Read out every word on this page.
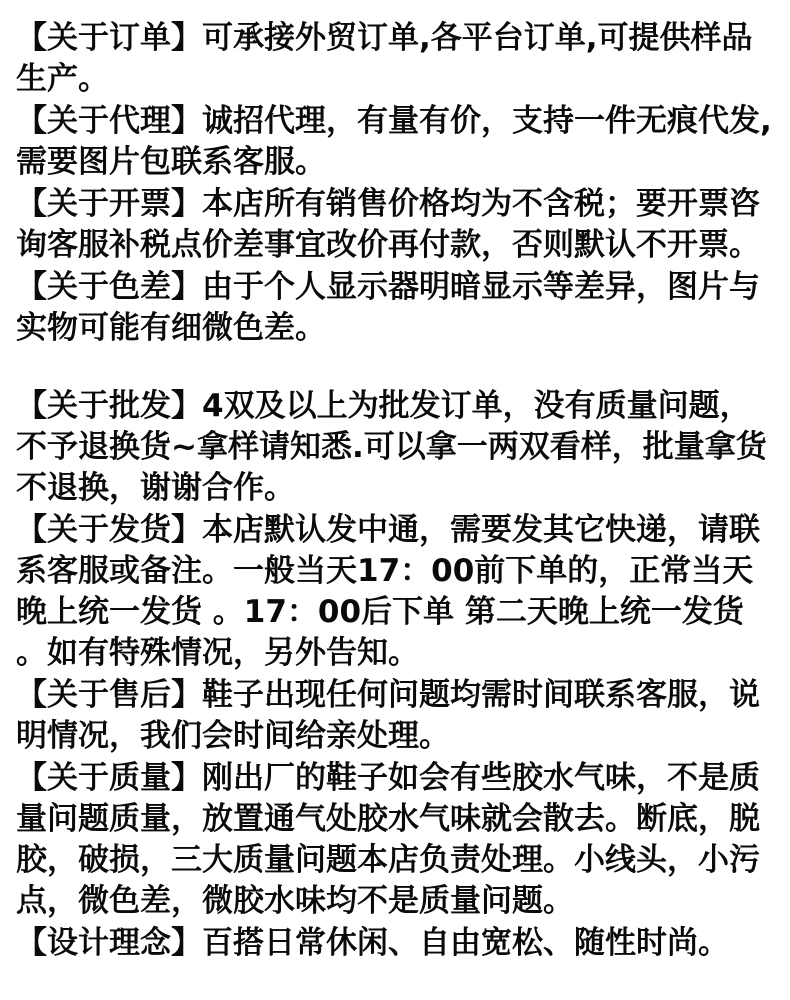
【关于订单】可承接外贸订单,各平台订单,可提供样品生产。

【关于代理】诚招代理，有量有价，支持一件无痕代发,需要图片包联系客服。

【关于开票】本店所有销售价格均为不含税；要开票咨询客服补税点价差事宜改价再付款，否则默认不开票。

【关于色差】由于个人显示器明暗显示等差异，图片与实物可能有细微色差。

【关于批发】4双及以上为批发订单，没有质量问题，不予退换货~拿样请知悉.可以拿一两双看样，批量拿货不退换，谢谢合作。

【关于发货】本店默认发中通，需要发其它快递，请联系客服或备注。一般当天17：00前下单的，正常当天晚上统一发货 。17：00后下单 第二天晚上统一发货 。如有特殊情况，另外告知。

【关于售后】鞋子出现任何问题均需时间联系客服，说明情况，我们会时间给亲处理。

【关于质量】刚出厂的鞋子如会有些胶水气味，不是质量问题质量，放置通气处胶水气味就会散去。断底，脱胶，破损，三大质量问题本店负责处理。小线头，小污点，微色差，微胶水味均不是质量问题。

【设计理念】百搭日常休闲、自由宽松、随性时尚。
